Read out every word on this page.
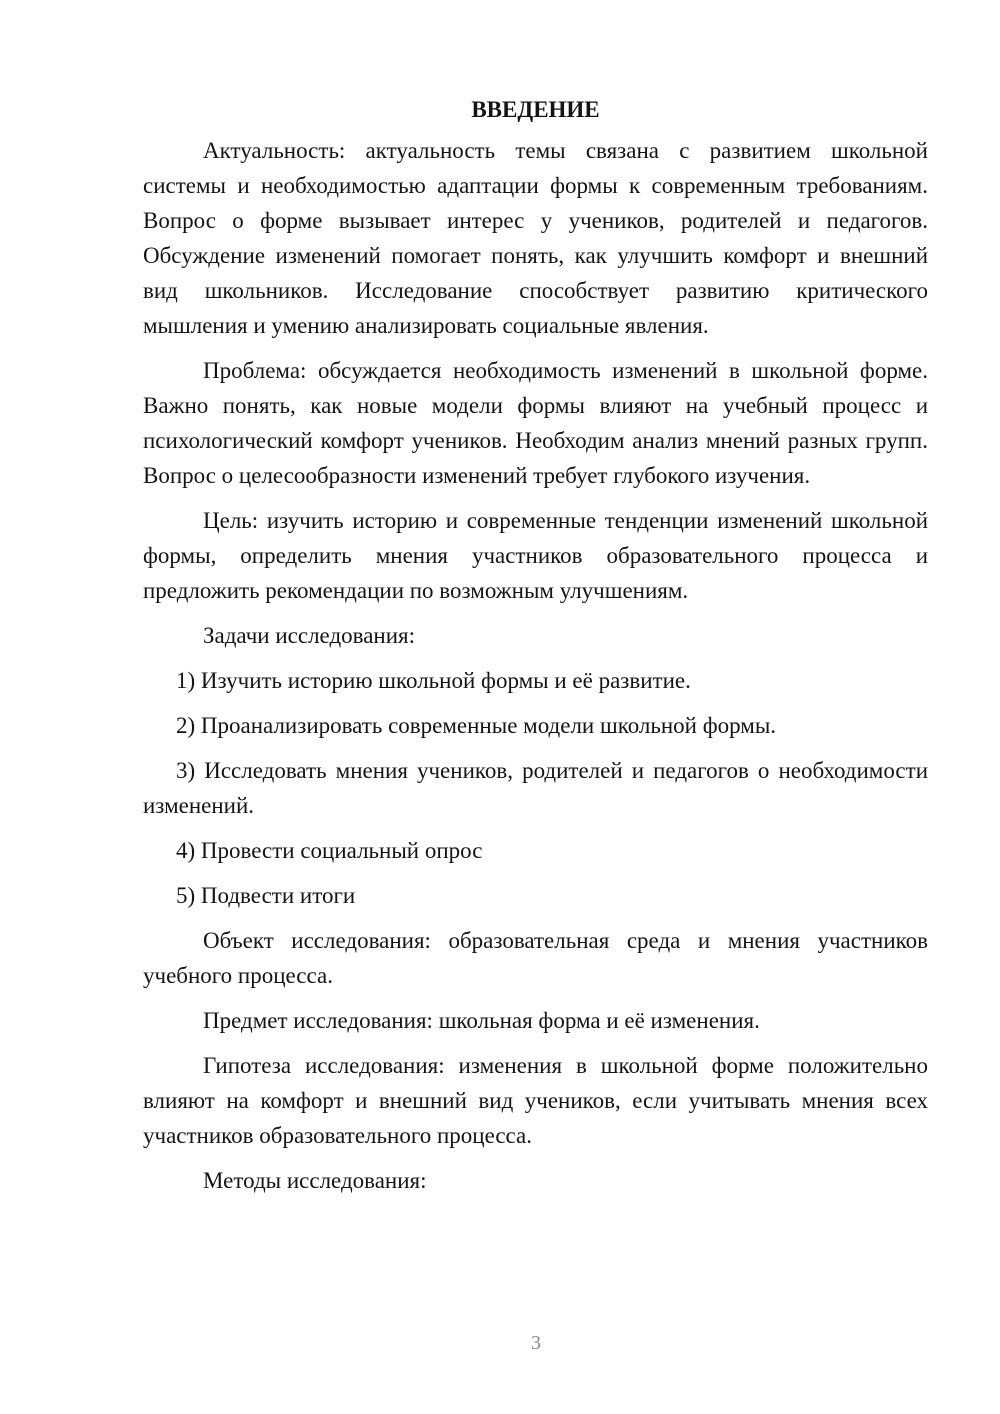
ВВЕДЕНИЕ

Актуальность: актуальность темы связана с развитием школьной системы и необходимостью адаптации формы к современным требованиям. Вопрос о форме вызывает интерес у учеников, родителей и педагогов. Обсуждение изменений помогает понять, как улучшить комфорт и внешний вид школьников. Исследование способствует развитию критического мышления и умению анализировать социальные явления.

Проблема: обсуждается необходимость изменений в школьной форме. Важно понять, как новые модели формы влияют на учебный процесс и психологический комфорт учеников. Необходим анализ мнений разных групп. Вопрос о целесообразности изменений требует глубокого изучения.

Цель: изучить историю и современные тенденции изменений школьной формы, определить мнения участников образовательного процесса и предложить рекомендации по возможным улучшениям.

Задачи исследования:

1) Изучить историю школьной формы и её развитие.

2) Проанализировать современные модели школьной формы.

3) Исследовать мнения учеников, родителей и педагогов о необходимости изменений.

4) Провести социальный опрос

5) Подвести итоги

Объект исследования: образовательная среда и мнения участников учебного процесса.

Предмет исследования: школьная форма и её изменения.

Гипотеза исследования: изменения в школьной форме положительно влияют на комфорт и внешний вид учеников, если учитывать мнения всех участников образовательного процесса.

Методы исследования:

3
